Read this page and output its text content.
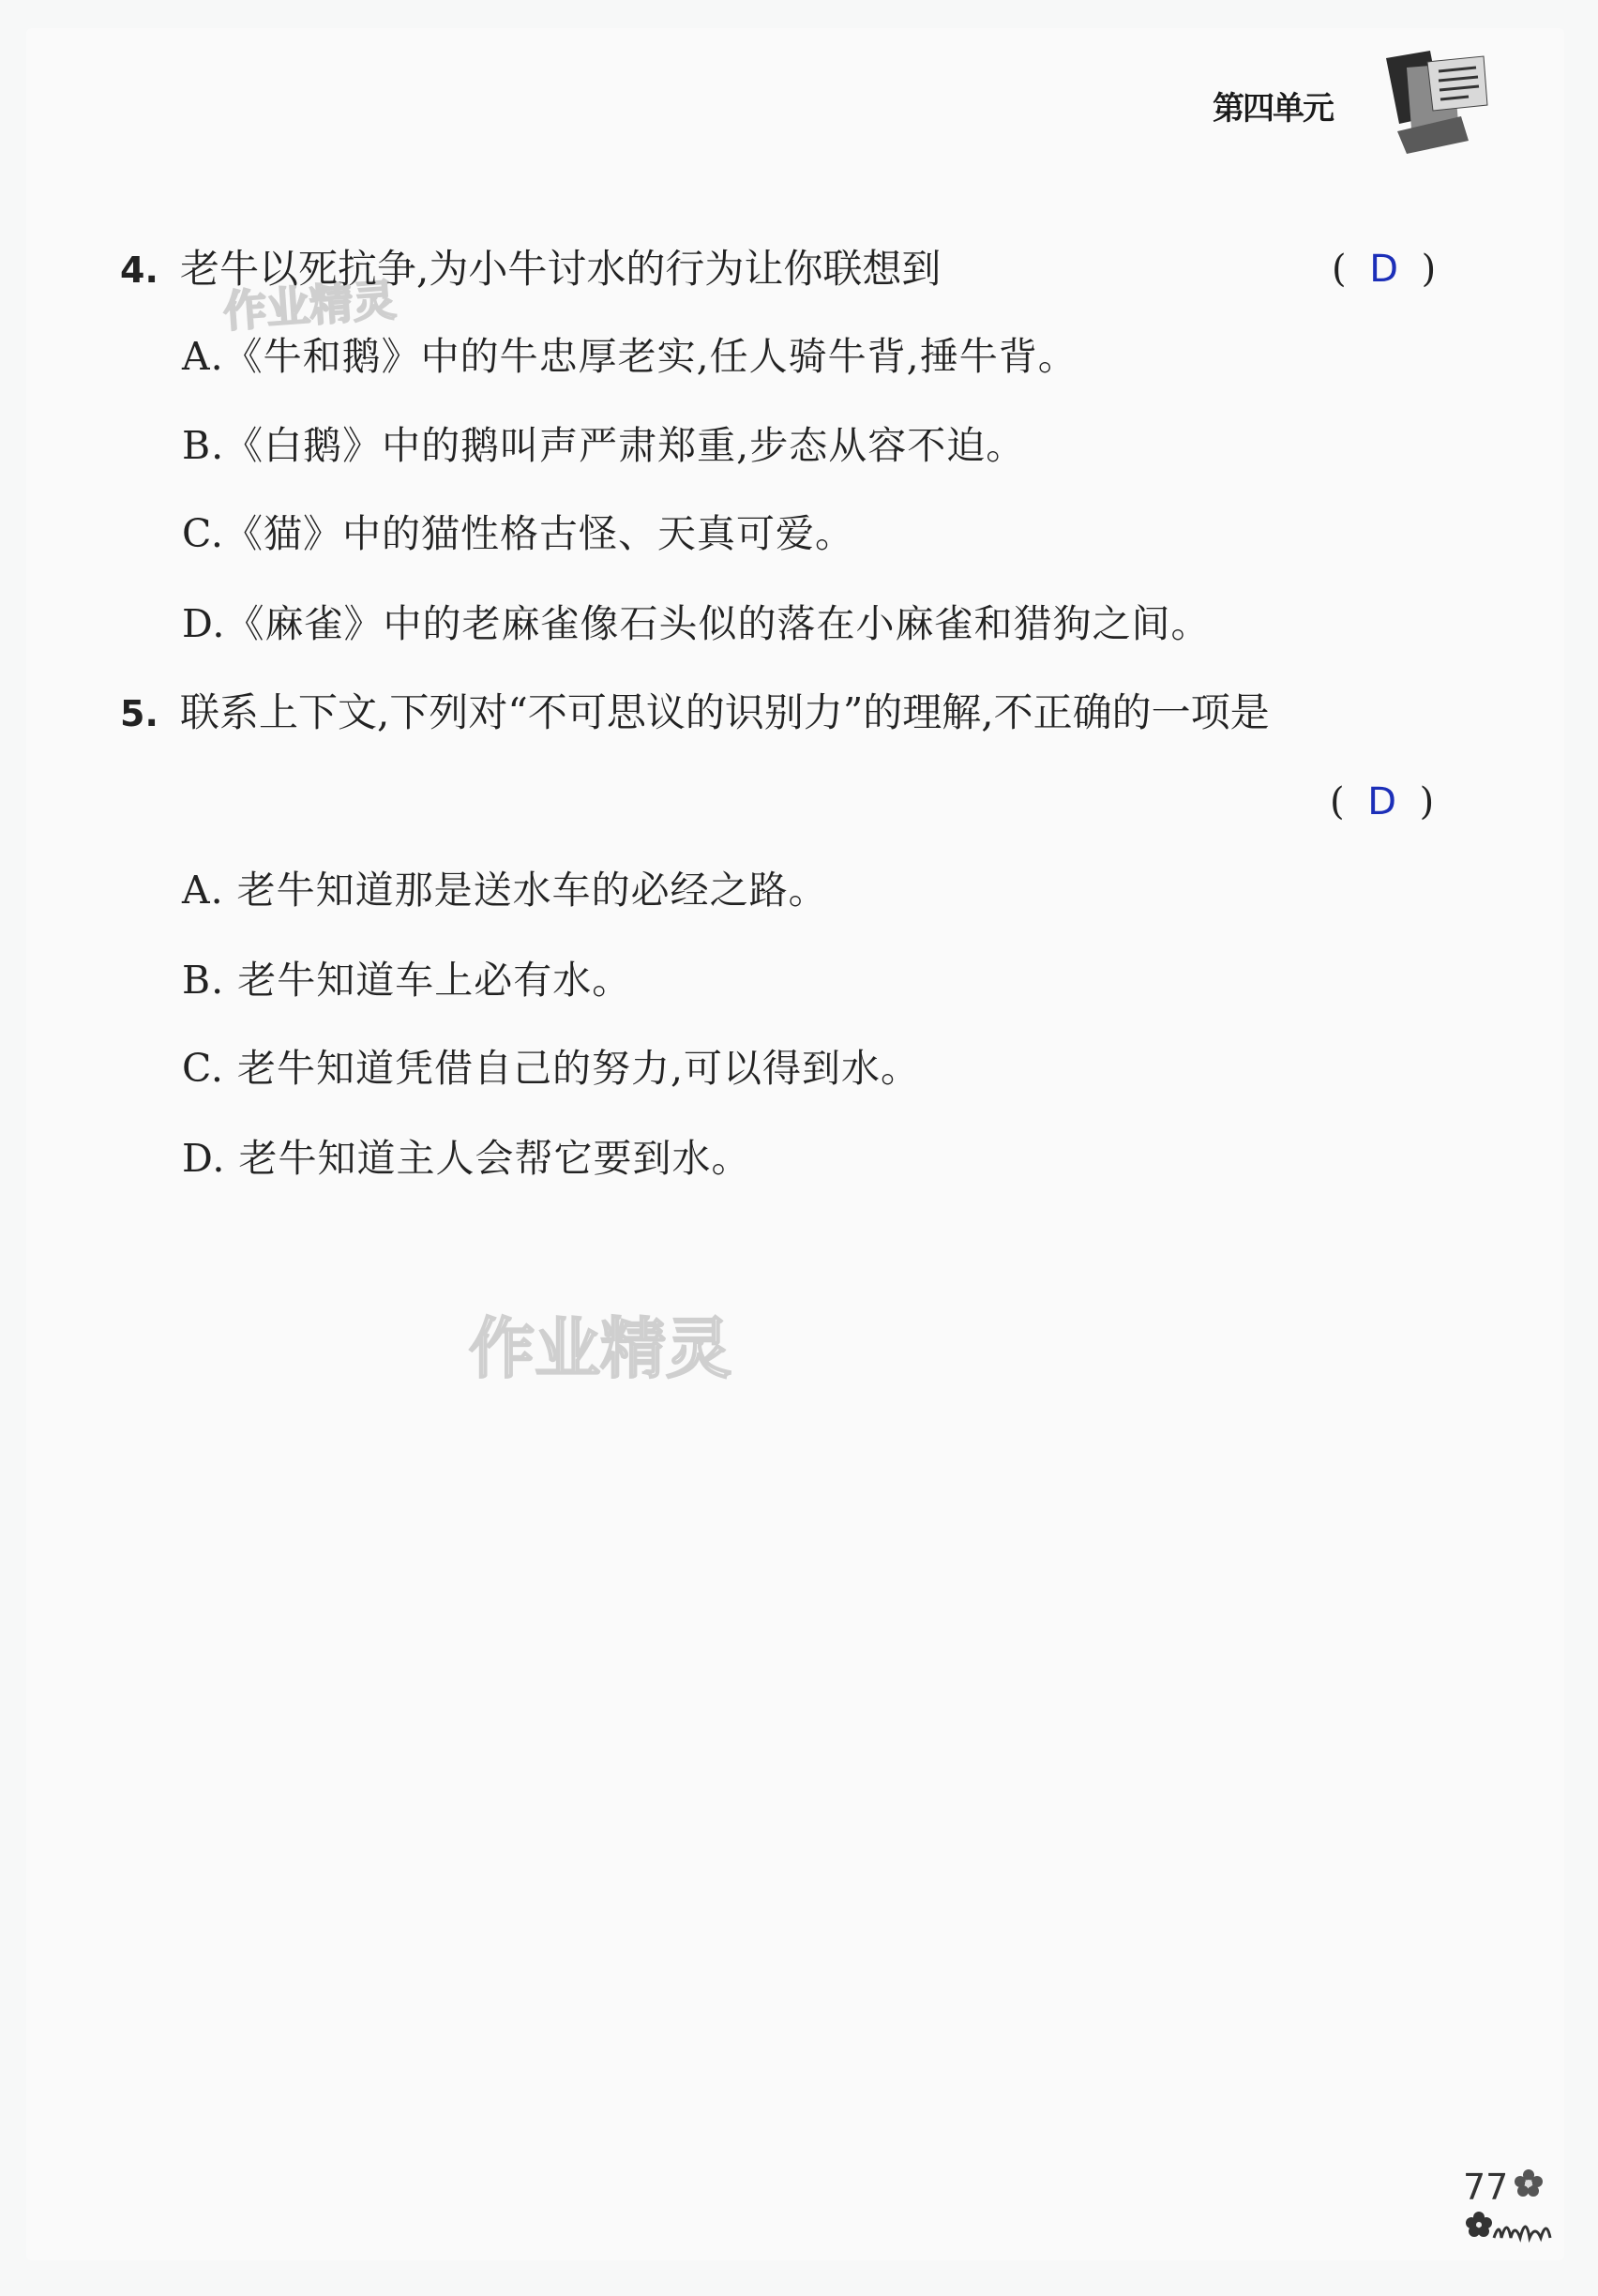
第四单元
作业精灵
作业精灵
4. 老牛以死抗争,为小牛讨水的行为让你联想到	( D )
A.《牛和鹅》中的牛忠厚老实,任人骑牛背,捶牛背。
B.《白鹅》中的鹅叫声严肃郑重,步态从容不迫。
C.《猫》中的猫性格古怪、天真可爱。
D.《麻雀》中的老麻雀像石头似的落在小麻雀和猎狗之间。
5. 联系上下文,下列对“不可思议的识别力”的理解,不正确的一项是
( D )
A. 老牛知道那是送水车的必经之路。
B. 老牛知道车上必有水。
C. 老牛知道凭借自己的努力,可以得到水。
D. 老牛知道主人会帮它要到水。
77
